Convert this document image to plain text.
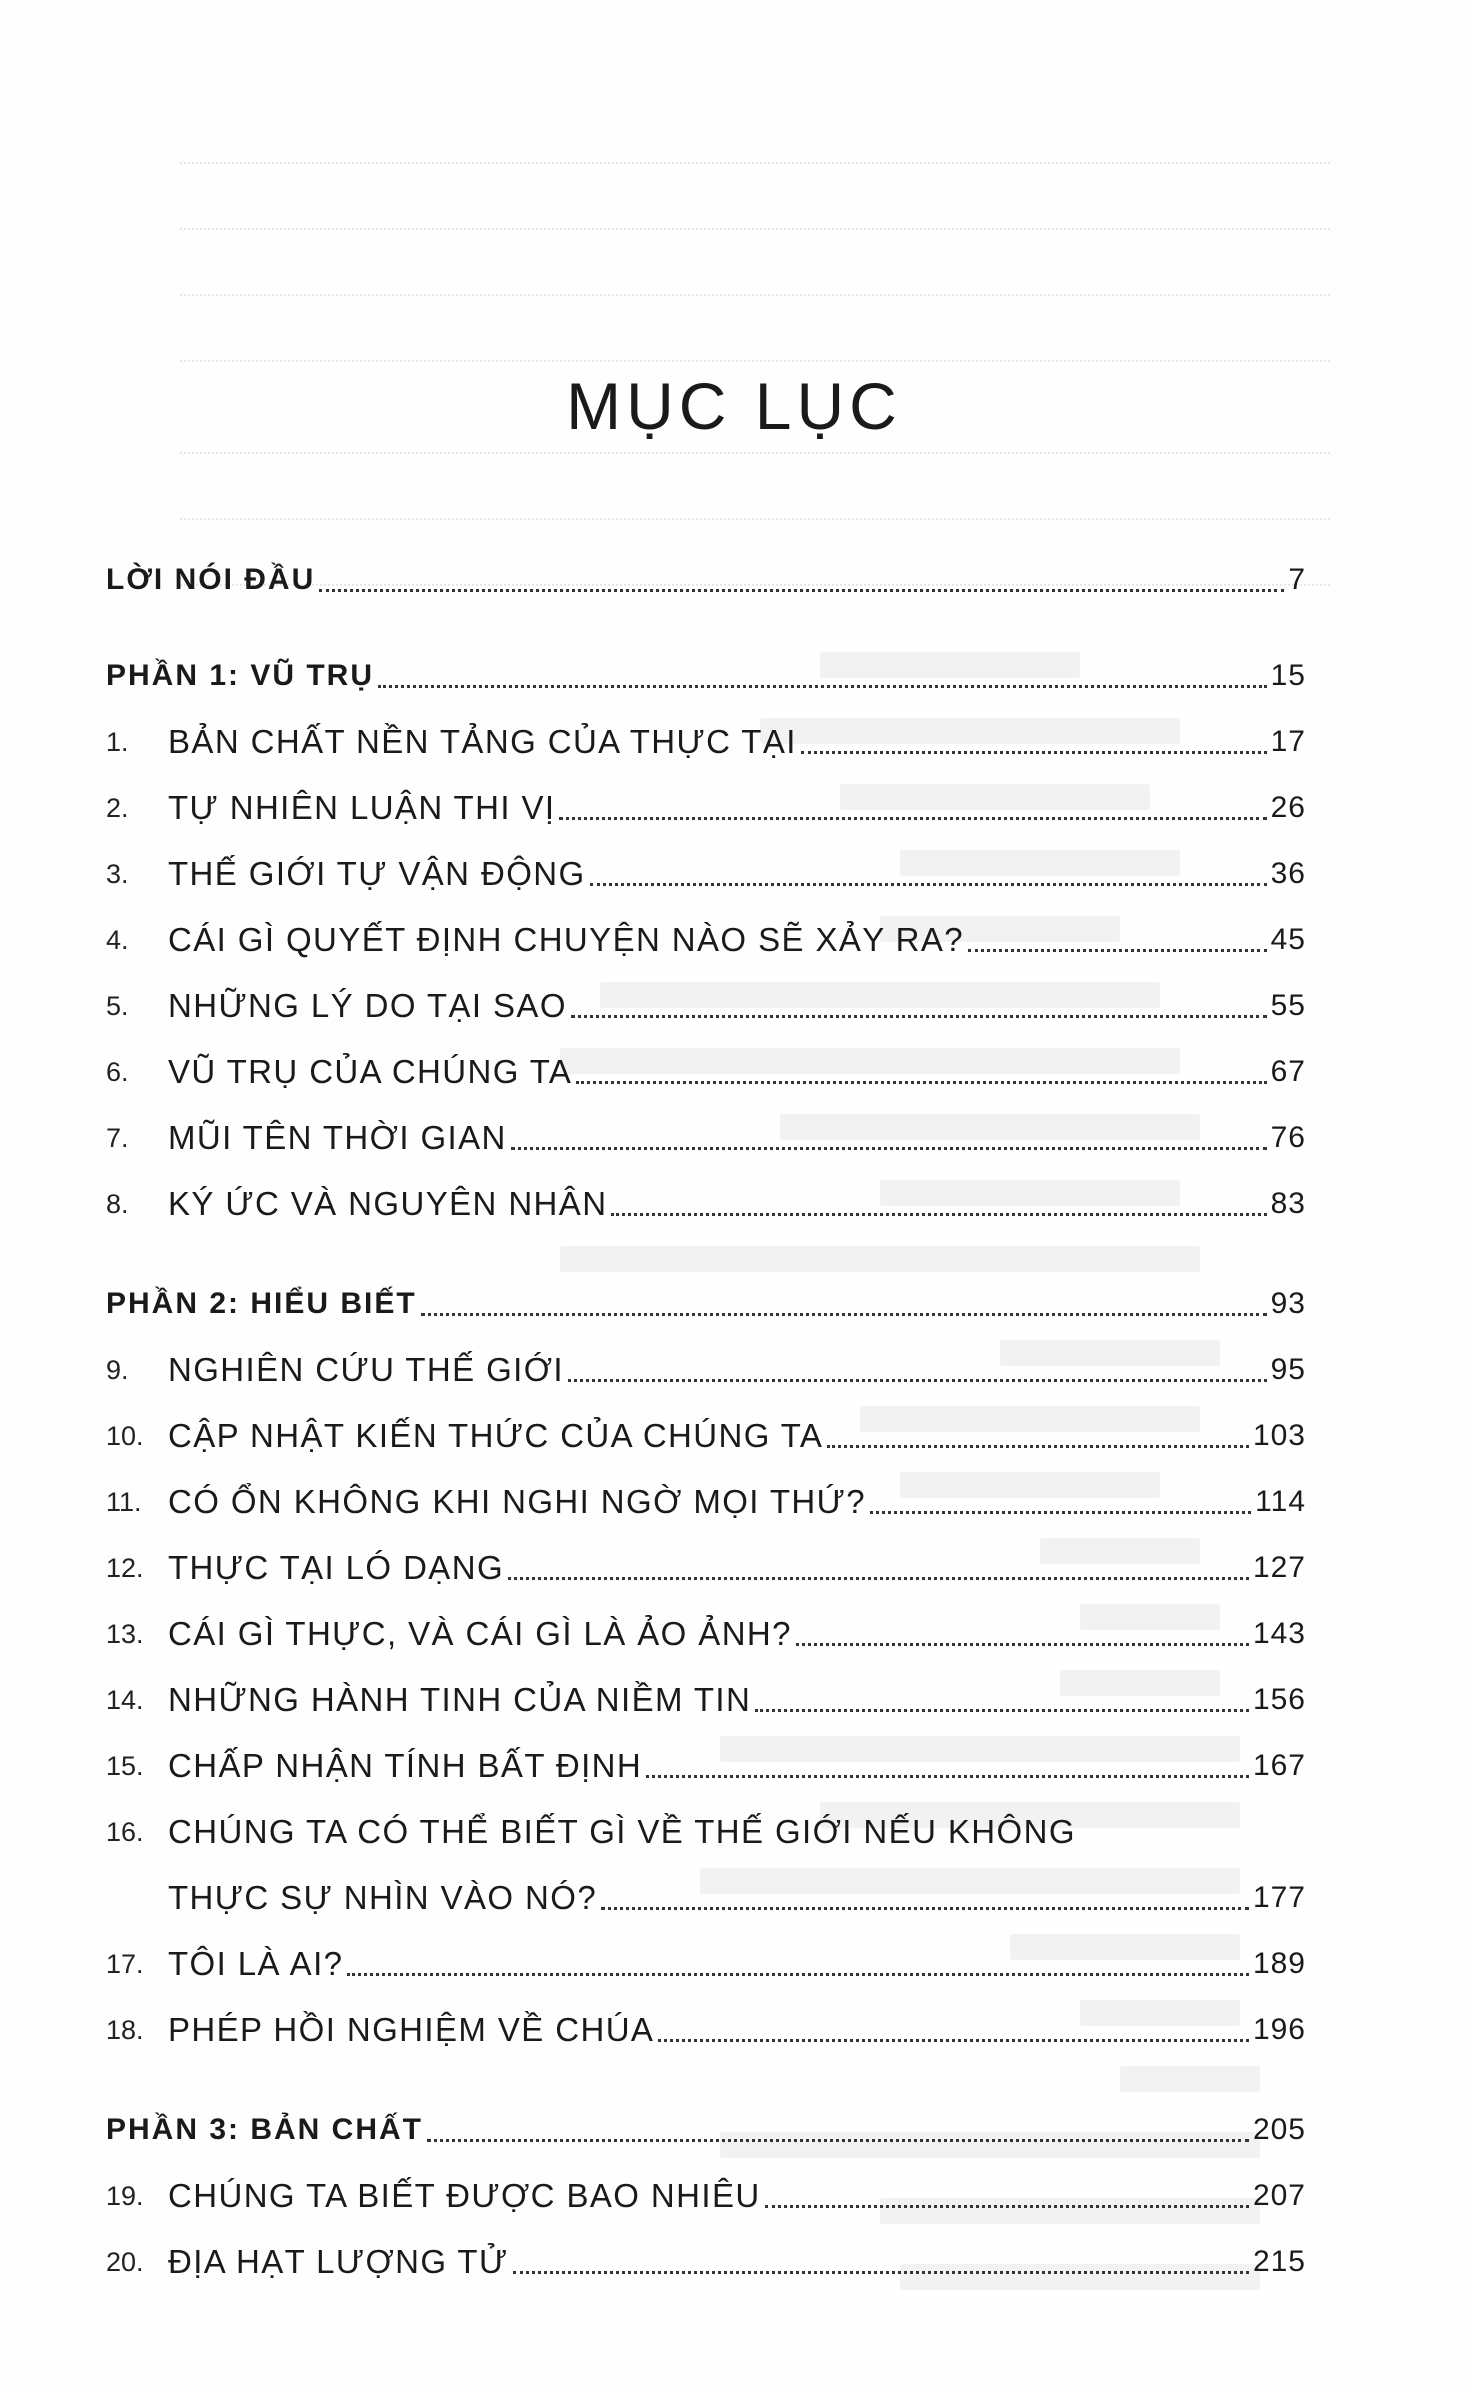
MỤC LỤC
LỜI NÓI ĐẦU	7
PHẦN 1: VŨ TRỤ	15
1.	BẢN CHẤT NỀN TẢNG CỦA THỰC TẠI	17
2.	TỰ NHIÊN LUẬN THI VỊ	26
3.	THẾ GIỚI TỰ VẬN ĐỘNG	36
4.	CÁI GÌ QUYẾT ĐỊNH CHUYỆN NÀO SẼ XẢY RA?	45
5.	NHỮNG LÝ DO TẠI SAO	55
6.	VŨ TRỤ CỦA CHÚNG TA	67
7.	MŨI TÊN THỜI GIAN	76
8.	KÝ ỨC VÀ NGUYÊN NHÂN	83
PHẦN 2: HIỂU BIẾT	93
9.	NGHIÊN CỨU THẾ GIỚI	95
10. CẬP NHẬT KIẾN THỨC CỦA CHÚNG TA	103
11. CÓ ỔN KHÔNG KHI NGHI NGỜ MỌI THỨ?	114
12. THỰC TẠI LÓ DẠNG	127
13. CÁI GÌ THỰC, VÀ CÁI GÌ LÀ ẢO ẢNH?	143
14. NHỮNG HÀNH TINH CỦA NIỀM TIN	156
15. CHẤP NHẬN TÍNH BẤT ĐỊNH	167
16. CHÚNG TA CÓ THỂ BIẾT GÌ VỀ THẾ GIỚI NẾU KHÔNG
THỰC SỰ NHÌN VÀO NÓ?	177
17. TÔI LÀ AI?	189
18. PHÉP HỒI NGHIỆM VỀ CHÚA	196
PHẦN 3: BẢN CHẤT	205
19. CHÚNG TA BIẾT ĐƯỢC BAO NHIÊU	207
20. ĐỊA HẠT LƯỢNG TỬ	215
